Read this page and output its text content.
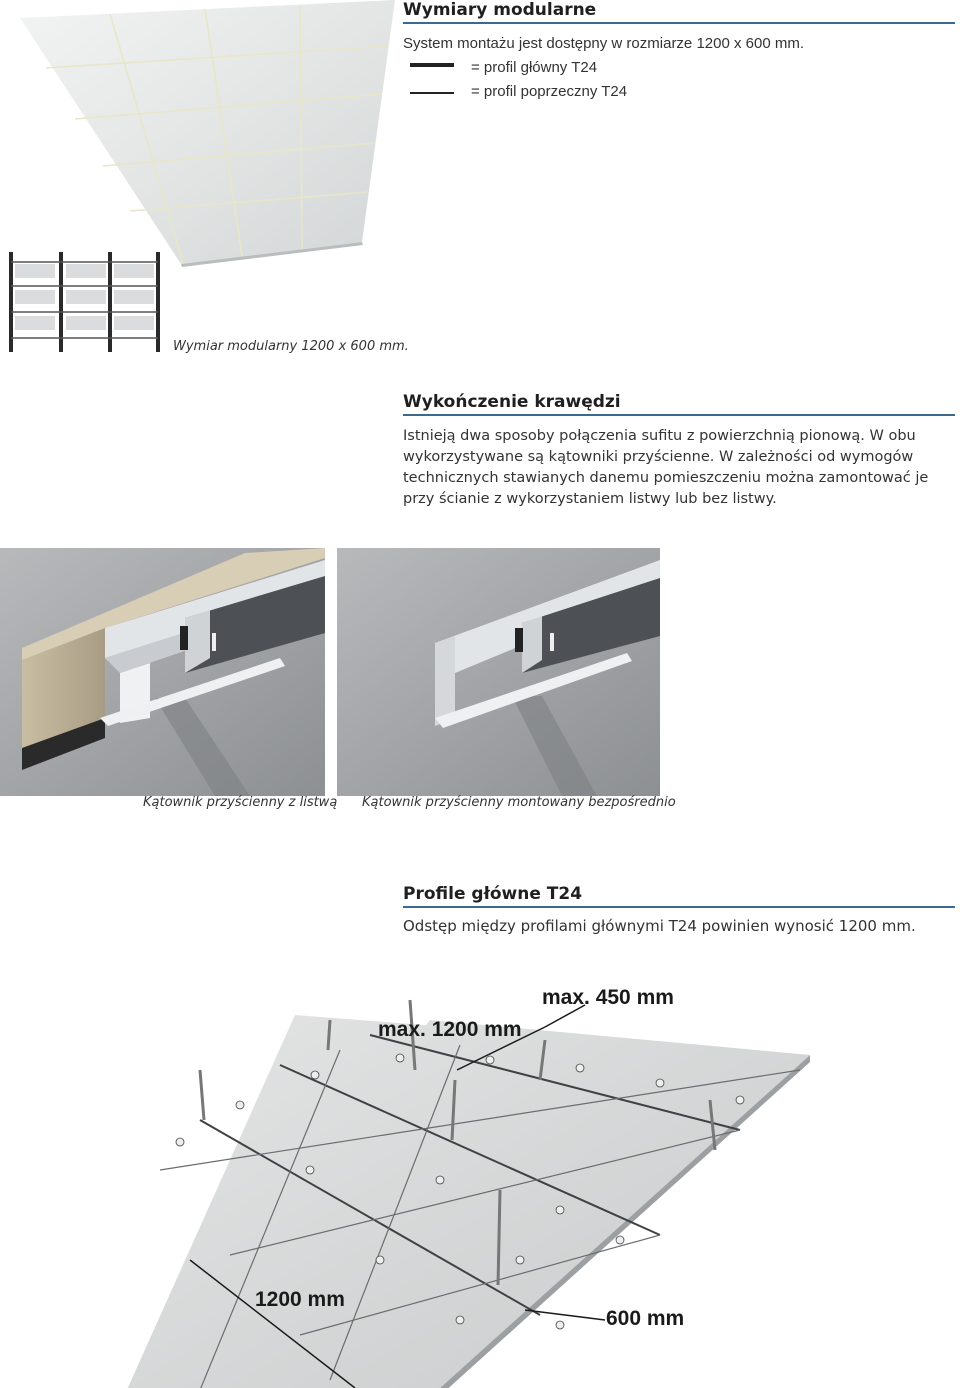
Wymiary modularne
System montażu jest dostępny w rozmiarze 1200 x 600 mm.
= profil główny T24
= profil poprzeczny T24
Wymiar modularny 1200 x 600 mm.
Wykończenie krawędzi
Istnieją dwa sposoby połączenia sufitu z powierzchnią pionową. W obu
wykorzystywane są kątowniki przyścienne. W zależności od wymogów
technicznych stawianych danemu pomieszczeniu można zamontować je
przy ścianie z wykorzystaniem listwy lub bez listwy.
Kątownik przyścienny z listwą Kątownik przyścienny montowany bezpośrednio
Profile główne T24
Odstęp między profilami głównymi T24 powinien wynosić 1200 mm.
max. 1200 mm
max. 450 mm
1200 mm
600 mm
